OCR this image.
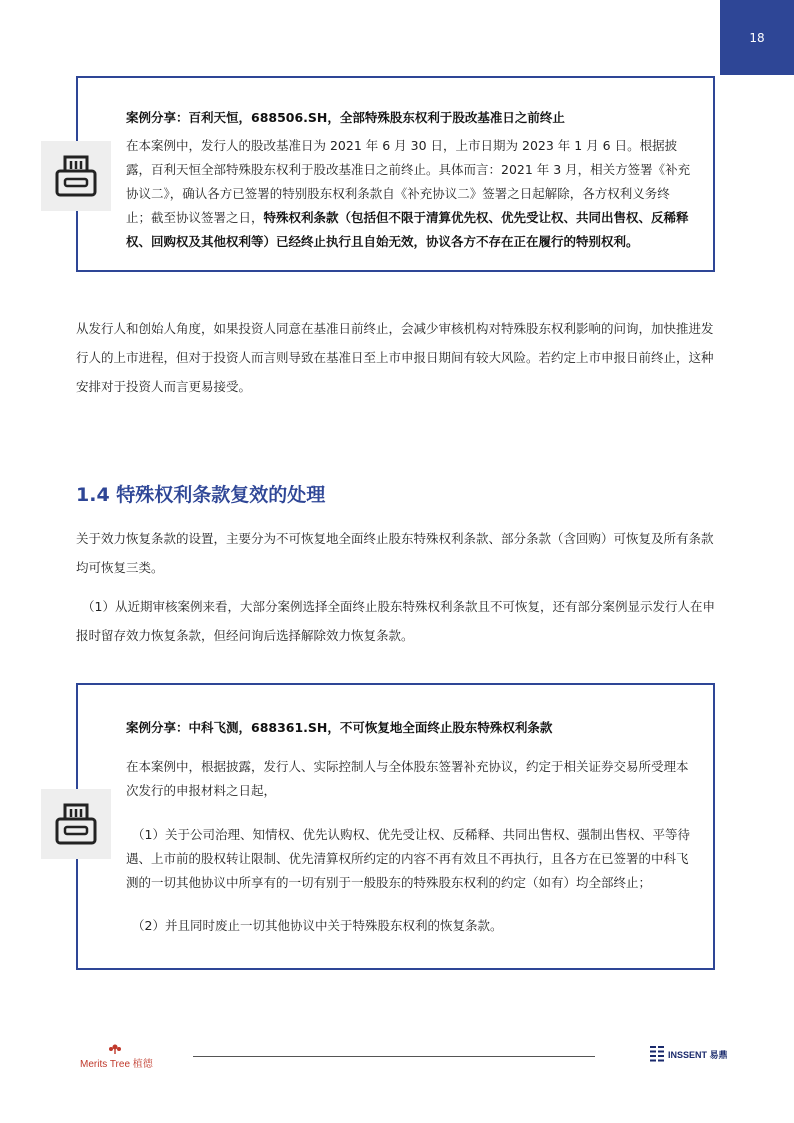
18
案例分享：百利天恒，688506.SH，全部特殊股东权利于股改基准日之前终止
在本案例中，发行人的股改基准日为 2021 年 6 月 30 日，上市日期为 2023 年 1 月 6 日。根据披露，百利天恒全部特殊股东权利于股改基准日之前终止。具体而言：2021 年 3 月，相关方签署《补充协议二》，确认各方已签署的特别股东权利条款自《补充协议二》签署之日起解除，各方权利义务终止；截至协议签署之日，特殊权利条款（包括但不限于清算优先权、优先受让权、共同出售权、反稀释权、回购权及其他权利等）已经终止执行且自始无效，协议各方不存在正在履行的特别权利。
从发行人和创始人角度，如果投资人同意在基准日前终止，会减少审核机构对特殊股东权利影响的问询，加快推进发行人的上市进程，但对于投资人而言则导致在基准日至上市申报日期间有较大风险。若约定上市申报日前终止，这种安排对于投资人而言更易接受。
1.4 特殊权利条款复效的处理
关于效力恢复条款的设置，主要分为不可恢复地全面终止股东特殊权利条款、部分条款（含回购）可恢复及所有条款均可恢复三类。
（1）从近期审核案例来看，大部分案例选择全面终止股东特殊权利条款且不可恢复，还有部分案例显示发行人在申报时留存效力恢复条款，但经问询后选择解除效力恢复条款。
案例分享：中科飞测，688361.SH，不可恢复地全面终止股东特殊权利条款
在本案例中，根据披露，发行人、实际控制人与全体股东签署补充协议，约定于相关证券交易所受理本次发行的申报材料之日起，
（1）关于公司治理、知情权、优先认购权、优先受让权、反稀释、共同出售权、强制出售权、平等待遇、上市前的股权转让限制、优先清算权所约定的内容不再有效且不再执行，且各方在已签署的中科飞测的一切其他协议中所享有的一切有别于一般股东的特殊股东权利的约定（如有）均全部终止；
（2）并且同时废止一切其他协议中关于特殊股东权利的恢复条款。
Merits Tree 植德
INSSENT 易鼎
